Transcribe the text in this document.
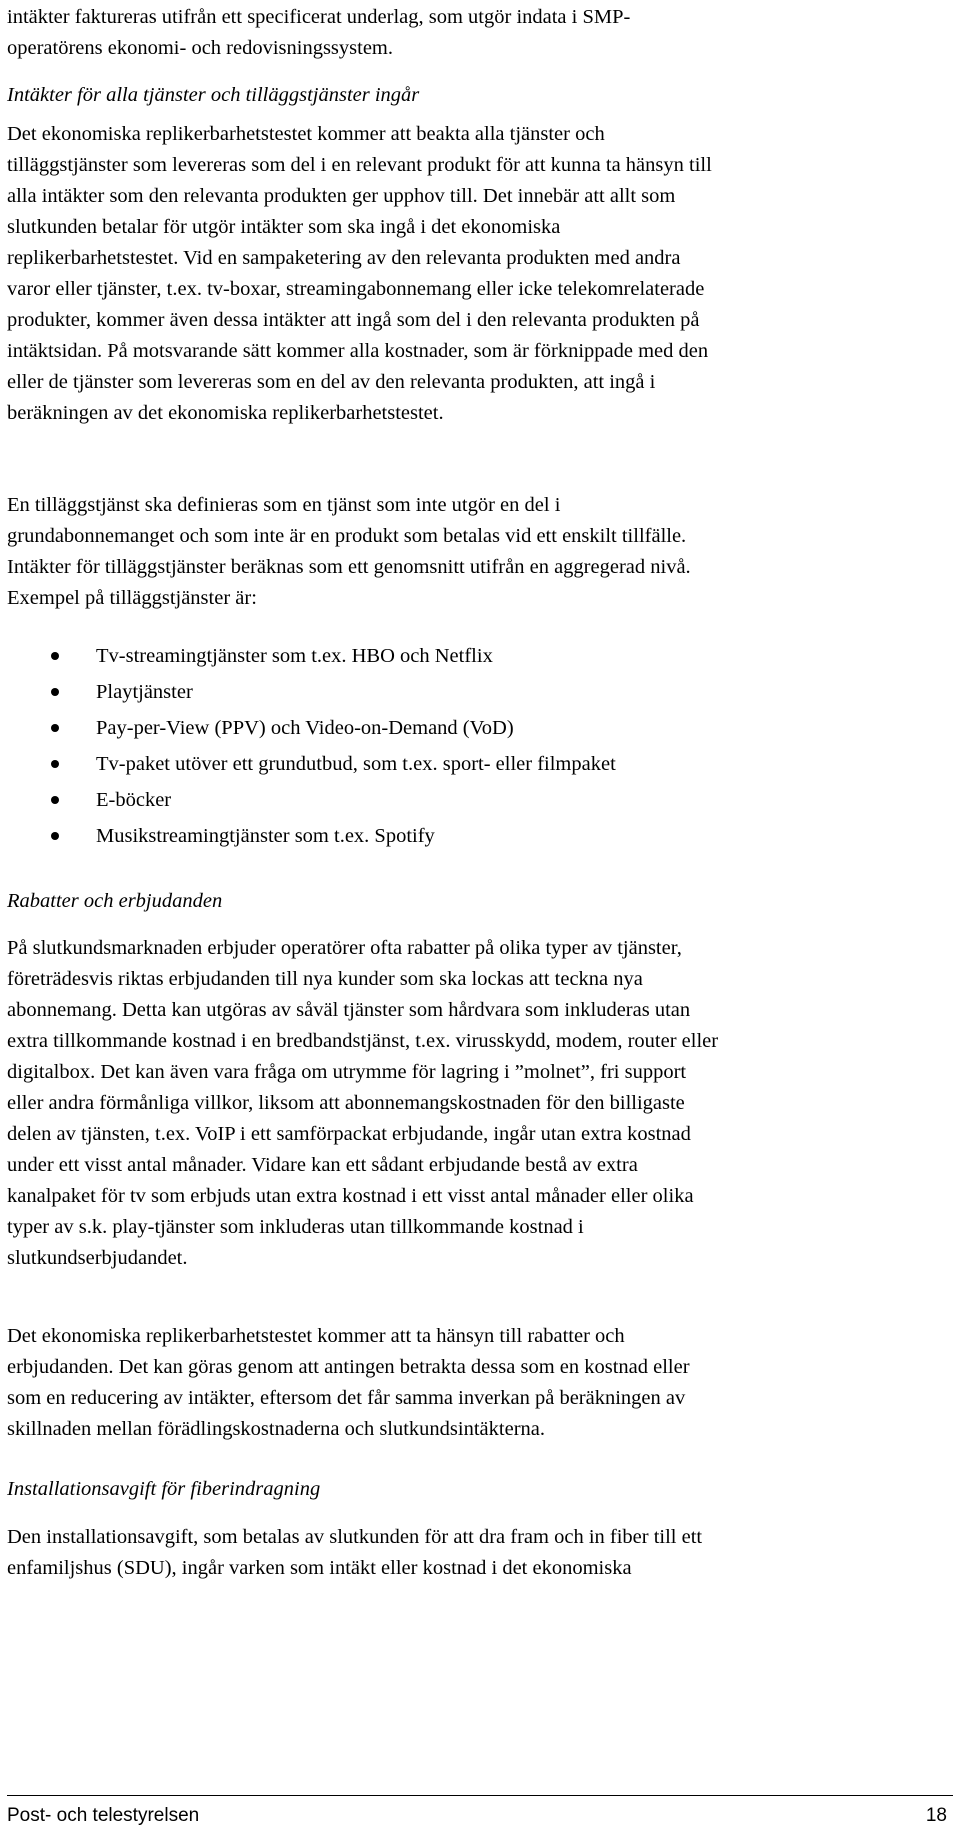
intäkter faktureras utifrån ett specificerat underlag, som utgör indata i SMP-

operatörens ekonomi- och redovisningssystem.

Intäkter för alla tjänster och tilläggstjänster ingår

Det ekonomiska replikerbarhetstestet kommer att beakta alla tjänster och

tilläggstjänster som levereras som del i en relevant produkt för att kunna ta hänsyn till

alla intäkter som den relevanta produkten ger upphov till. Det innebär att allt som

slutkunden betalar för utgör intäkter som ska ingå i det ekonomiska

replikerbarhetstestet. Vid en sampaketering av den relevanta produkten med andra

varor eller tjänster, t.ex. tv-boxar, streamingabonnemang eller icke telekomrelaterade

produkter, kommer även dessa intäkter att ingå som del i den relevanta produkten på

intäktsidan. På motsvarande sätt kommer alla kostnader, som är förknippade med den

eller de tjänster som levereras som en del av den relevanta produkten, att ingå i

beräkningen av det ekonomiska replikerbarhetstestet.

En tilläggstjänst ska definieras som en tjänst som inte utgör en del i

grundabonnemanget och som inte är en produkt som betalas vid ett enskilt tillfälle.

Intäkter för tilläggstjänster beräknas som ett genomsnitt utifrån en aggregerad nivå.

Exempel på tilläggstjänster är:

Tv-streamingtjänster som t.ex. HBO och Netflix
Playtjänster
Pay-per-View (PPV) och Video-on-Demand (VoD)
Tv-paket utöver ett grundutbud, som t.ex. sport- eller filmpaket
E-böcker
Musikstreamingtjänster som t.ex. Spotify

Rabatter och erbjudanden

På slutkundsmarknaden erbjuder operatörer ofta rabatter på olika typer av tjänster,

företrädesvis riktas erbjudanden till nya kunder som ska lockas att teckna nya

abonnemang. Detta kan utgöras av såväl tjänster som hårdvara som inkluderas utan

extra tillkommande kostnad i en bredbandstjänst, t.ex. virusskydd, modem, router eller

digitalbox. Det kan även vara fråga om utrymme för lagring i ”molnet”, fri support

eller andra förmånliga villkor, liksom att abonnemangskostnaden för den billigaste

delen av tjänsten, t.ex. VoIP i ett samförpackat erbjudande, ingår utan extra kostnad

under ett visst antal månader. Vidare kan ett sådant erbjudande bestå av extra

kanalpaket för tv som erbjuds utan extra kostnad i ett visst antal månader eller olika

typer av s.k. play-tjänster som inkluderas utan tillkommande kostnad i

slutkundserbjudandet.

Det ekonomiska replikerbarhetstestet kommer att ta hänsyn till rabatter och

erbjudanden. Det kan göras genom att antingen betrakta dessa som en kostnad eller

som en reducering av intäkter, eftersom det får samma inverkan på beräkningen av

skillnaden mellan förädlingskostnaderna och slutkundsintäkterna.

Installationsavgift för fiberindragning

Den installationsavgift, som betalas av slutkunden för att dra fram och in fiber till ett

enfamiljshus (SDU), ingår varken som intäkt eller kostnad i det ekonomiska

Post- och telestyrelsen	18
